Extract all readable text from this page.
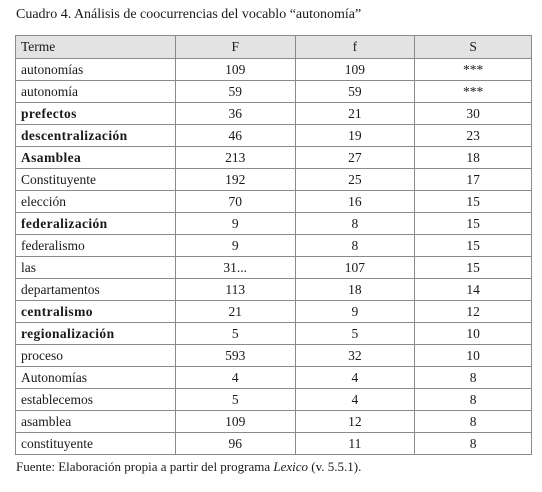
Cuadro 4. Análisis de coocurrencias del vocablo “autonomía”
Terme	F	f	S
autonomías	109	109	***
autonomía	59	59	***
prefectos	36	21	30
descentralización	46	19	23
Asamblea	213	27	18
Constituyente	192	25	17
elección	70	16	15
federalización	9	8	15
federalismo	9	8	15
las	31...	107	15
departamentos	113	18	14
centralismo	21	9	12
regionalización	5	5	10
proceso	593	32	10
Autonomías	4	4	8
establecemos	5	4	8
asamblea	109	12	8
constituyente	96	11	8
Fuente: Elaboración propia a partir del programa Lexico (v. 5.5.1).
